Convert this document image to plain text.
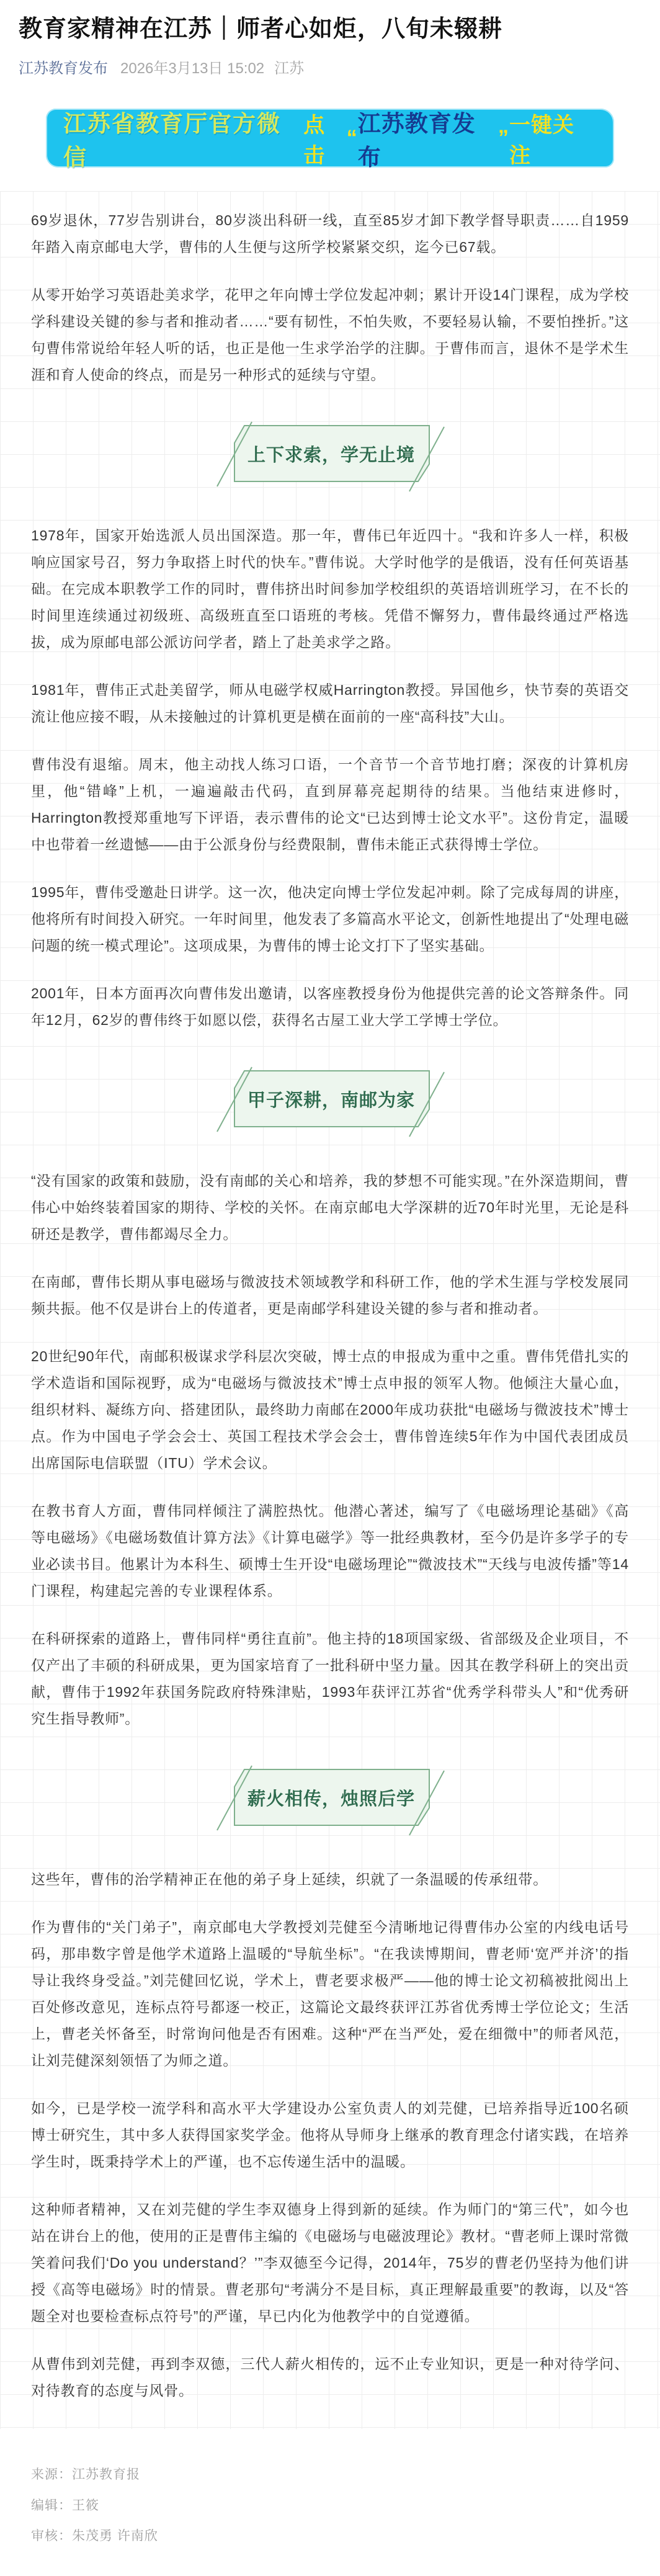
教育家精神在江苏｜师者心如炬，八旬未辍耕
江苏教育发布 2026年3月13日 15:02 江苏
江苏省教育厅官方微信
点击
“
江苏教育发布
”
一键关注

69岁退休，77岁告别讲台，80岁淡出科研一线，直至85岁才卸下教学督导职责……自1959年踏入南京邮电大学，曹伟的人生便与这所学校紧紧交织，迄今已67载。

从零开始学习英语赴美求学，花甲之年向博士学位发起冲刺；累计开设14门课程，成为学校学科建设关键的参与者和推动者……“要有韧性，不怕失败，不要轻易认输，不要怕挫折。”这句曹伟常说给年轻人听的话，也正是他一生求学治学的注脚。于曹伟而言，退休不是学术生涯和育人使命的终点，而是另一种形式的延续与守望。

上下求索，学无止境

1978年，国家开始选派人员出国深造。那一年，曹伟已年近四十。“我和许多人一样，积极响应国家号召，努力争取搭上时代的快车。”曹伟说。大学时他学的是俄语，没有任何英语基础。在完成本职教学工作的同时，曹伟挤出时间参加学校组织的英语培训班学习，在不长的时间里连续通过初级班、高级班直至口语班的考核。凭借不懈努力，曹伟最终通过严格选拔，成为原邮电部公派访问学者，踏上了赴美求学之路。

1981年，曹伟正式赴美留学，师从电磁学权威Harrington教授。异国他乡，快节奏的英语交流让他应接不暇，从未接触过的计算机更是横在面前的一座“高科技”大山。

曹伟没有退缩。周末，他主动找人练习口语，一个音节一个音节地打磨；深夜的计算机房里，他“错峰”上机，一遍遍敲击代码，直到屏幕亮起期待的结果。当他结束进修时，Harrington教授郑重地写下评语，表示曹伟的论文“已达到博士论文水平”。这份肯定，温暖中也带着一丝遗憾——由于公派身份与经费限制，曹伟未能正式获得博士学位。

1995年，曹伟受邀赴日讲学。这一次，他决定向博士学位发起冲刺。除了完成每周的讲座，他将所有时间投入研究。一年时间里，他发表了多篇高水平论文，创新性地提出了“处理电磁问题的统一模式理论”。这项成果，为曹伟的博士论文打下了坚实基础。

2001年，日本方面再次向曹伟发出邀请，以客座教授身份为他提供完善的论文答辩条件。同年12月，62岁的曹伟终于如愿以偿，获得名古屋工业大学工学博士学位。

甲子深耕，南邮为家

“没有国家的政策和鼓励，没有南邮的关心和培养，我的梦想不可能实现。”在外深造期间，曹伟心中始终装着国家的期待、学校的关怀。在南京邮电大学深耕的近70年时光里，无论是科研还是教学，曹伟都竭尽全力。

在南邮，曹伟长期从事电磁场与微波技术领域教学和科研工作，他的学术生涯与学校发展同频共振。他不仅是讲台上的传道者，更是南邮学科建设关键的参与者和推动者。

20世纪90年代，南邮积极谋求学科层次突破，博士点的申报成为重中之重。曹伟凭借扎实的学术造诣和国际视野，成为“电磁场与微波技术”博士点申报的领军人物。他倾注大量心血，组织材料、凝练方向、搭建团队，最终助力南邮在2000年成功获批“电磁场与微波技术”博士点。作为中国电子学会会士、英国工程技术学会会士，曹伟曾连续5年作为中国代表团成员出席国际电信联盟（ITU）学术会议。

在教书育人方面，曹伟同样倾注了满腔热忱。他潜心著述，编写了《电磁场理论基础》《高等电磁场》《电磁场数值计算方法》《计算电磁学》等一批经典教材，至今仍是许多学子的专业必读书目。他累计为本科生、硕博士生开设“电磁场理论”“微波技术”“天线与电波传播”等14门课程，构建起完善的专业课程体系。

在科研探索的道路上，曹伟同样“勇往直前”。他主持的18项国家级、省部级及企业项目，不仅产出了丰硕的科研成果，更为国家培育了一批科研中坚力量。因其在教学科研上的突出贡献，曹伟于1992年获国务院政府特殊津贴，1993年获评江苏省“优秀学科带头人”和“优秀研究生指导教师”。

薪火相传，烛照后学

这些年，曹伟的治学精神正在他的弟子身上延续，织就了一条温暖的传承纽带。

作为曹伟的“关门弟子”，南京邮电大学教授刘芫健至今清晰地记得曹伟办公室的内线电话号码，那串数字曾是他学术道路上温暖的“导航坐标”。“在我读博期间，曹老师‘宽严并济’的指导让我终身受益。”刘芫健回忆说，学术上，曹老要求极严——他的博士论文初稿被批阅出上百处修改意见，连标点符号都逐一校正，这篇论文最终获评江苏省优秀博士学位论文；生活上，曹老关怀备至，时常询问他是否有困难。这种“严在当严处，爱在细微中”的师者风范，让刘芫健深刻领悟了为师之道。

如今，已是学校一流学科和高水平大学建设办公室负责人的刘芫健，已培养指导近100名硕博士研究生，其中多人获得国家奖学金。他将从导师身上继承的教育理念付诸实践，在培养学生时，既秉持学术上的严谨，也不忘传递生活中的温暖。

这种师者精神，又在刘芫健的学生李双德身上得到新的延续。作为师门的“第三代”，如今也站在讲台上的他，使用的正是曹伟主编的《电磁场与电磁波理论》教材。“曹老师上课时常微笑着问我们‘Do you understand？’”李双德至今记得，2014年，75岁的曹老仍坚持为他们讲授《高等电磁场》时的情景。曹老那句“考满分不是目标，真正理解最重要”的教诲，以及“答题全对也要检查标点符号”的严谨，早已内化为他教学中的自觉遵循。

从曹伟到刘芫健，再到李双德，三代人薪火相传的，远不止专业知识，更是一种对待学问、对待教育的态度与风骨。

来源：江苏教育报

编辑：王筱

审核：朱茂勇 许南欣
